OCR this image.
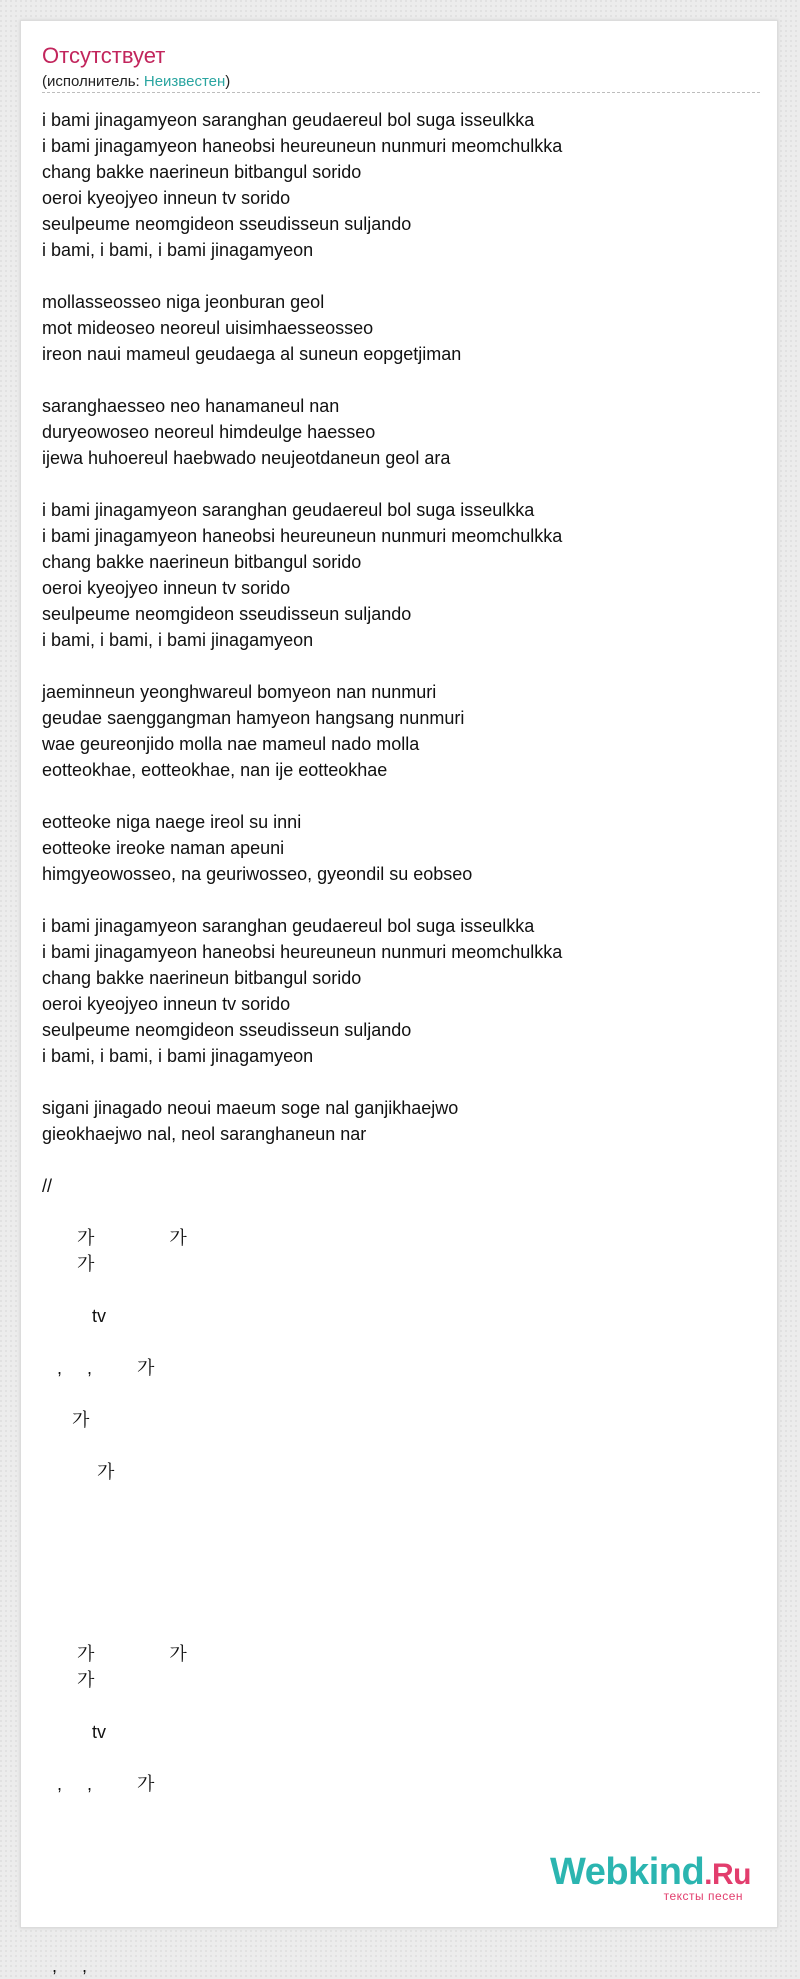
Отсутствует
(исполнитель: Неизвестен)
i bami jinagamyeon saranghan geudaereul bol suga isseulkka
i bami jinagamyeon haneobsi heureuneun nunmuri meomchulkka
chang bakke naerineun bitbangul sorido
oeroi kyeojyeo inneun tv sorido
seulpeume neomgideon sseudisseun suljando
i bami, i bami, i bami jinagamyeon
mollasseosseo niga jeonburan geol
mot mideoseo neoreul uisimhaesseosseo
ireon naui mameul geudaega al suneun eopgetjiman
saranghaesseo neo hanamaneul nan
duryeowoseo neoreul himdeulge haesseo
ijewa huhoereul haebwado neujeotdaneun geol ara
i bami jinagamyeon saranghan geudaereul bol suga isseulkka
i bami jinagamyeon haneobsi heureuneun nunmuri meomchulkka
chang bakke naerineun bitbangul sorido
oeroi kyeojyeo inneun tv sorido
seulpeume neomgideon sseudisseun suljando
i bami, i bami, i bami jinagamyeon
jaeminneun yeonghwareul bomyeon nan nunmuri
geudae saenggangman hamyeon hangsang nunmuri
wae geureonjido molla nae mameul nado molla
eotteokhae, eotteokhae, nan ije eotteokhae
eotteoke niga naege ireol su inni
eotteoke ireoke naman apeuni
himgyeowosseo, na geuriwosseo, gyeondil su eobseo
i bami jinagamyeon saranghan geudaereul bol suga isseulkka
i bami jinagamyeon haneobsi heureuneun nunmuri meomchulkka
chang bakke naerineun bitbangul sorido
oeroi kyeojyeo inneun tv sorido
seulpeume neomgideon sseudisseun suljando
i bami, i bami, i bami jinagamyeon
sigani jinagado neoui maeum soge nal ganjikhaejwo
gieokhaejwo nal, neol saranghaneun nar
//
가               가
가
tv
,     ,         가
가
가
가               가
가
tv
,     ,         가
,     ,
Webkind.Ru
тексты песен
